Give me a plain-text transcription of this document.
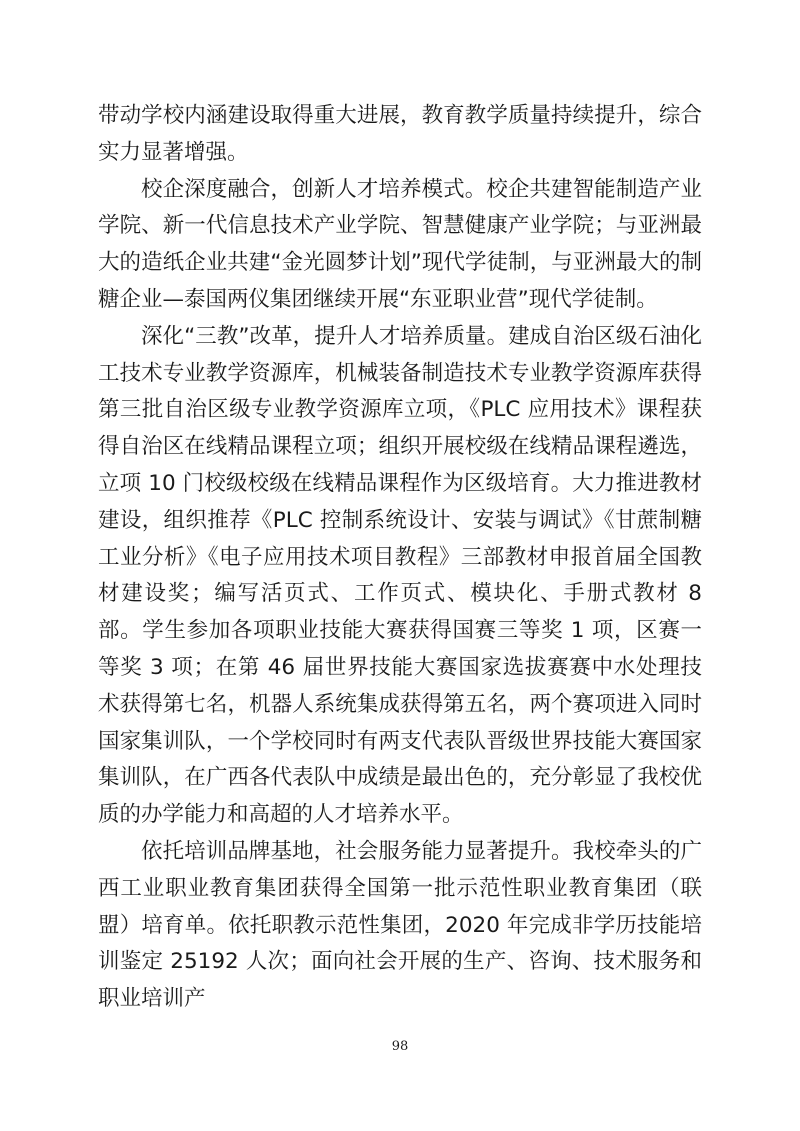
带动学校内涵建设取得重大进展，教育教学质量持续提升，综合实力显著增强。

校企深度融合，创新人才培养模式。校企共建智能制造产业学院、新一代信息技术产业学院、智慧健康产业学院；与亚洲最大的造纸企业共建“金光圆梦计划”现代学徒制，与亚洲最大的制糖企业—泰国两仪集团继续开展“东亚职业营”现代学徒制。

深化“三教”改革，提升人才培养质量。建成自治区级石油化工技术专业教学资源库，机械装备制造技术专业教学资源库获得第三批自治区级专业教学资源库立项，《PLC 应用技术》课程获得自治区在线精品课程立项；组织开展校级在线精品课程遴选，立项 10 门校级校级在线精品课程作为区级培育。大力推进教材建设，组织推荐《PLC 控制系统设计、安装与调试》《甘蔗制糖工业分析》《电子应用技术项目教程》三部教材申报首届全国教材建设奖；编写活页式、工作页式、模块化、手册式教材 8 部。学生参加各项职业技能大赛获得国赛三等奖 1 项，区赛一等奖 3 项；在第 46 届世界技能大赛国家选拔赛赛中水处理技术获得第七名，机器人系统集成获得第五名，两个赛项进入同时国家集训队，一个学校同时有两支代表队晋级世界技能大赛国家集训队，在广西各代表队中成绩是最出色的，充分彰显了我校优质的办学能力和高超的人才培养水平。

依托培训品牌基地，社会服务能力显著提升。我校牵头的广西工业职业教育集团获得全国第一批示范性职业教育集团（联盟）培育单。依托职教示范性集团，2020 年完成非学历技能培训鉴定 25192 人次；面向社会开展的生产、咨询、技术服务和职业培训产

98
